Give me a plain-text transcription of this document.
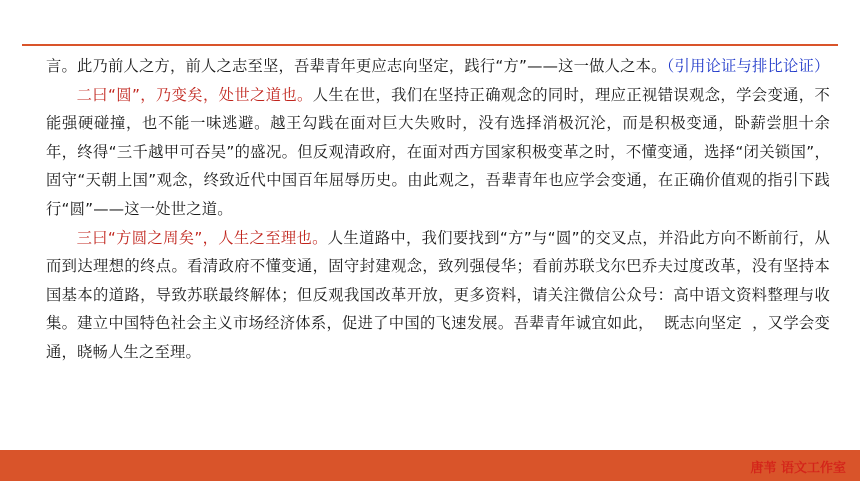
言。此乃前人之方，前人之志至坚，吾辈青年更应志向坚定，践行“方”——这一做人之本。（引用论证与排比论证）

二曰“圆”，乃变矣，处世之道也。人生在世，我们在坚持正确观念的同时，理应正视错误观念，学会变通，不能强硬碰撞，也不能一味逃避。越王勾践在面对巨大失败时，没有选择消极沉沦，而是积极变通，卧薪尝胆十余年，终得“三千越甲可吞吴”的盛况。但反观清政府，在面对西方国家积极变革之时，不懂变通，选择“闭关锁国”，固守“天朝上国”观念，终致近代中国百年屈辱历史。由此观之，吾辈青年也应学会变通，在正确价值观的指引下践行“圆”——这一处世之道。

三曰“方圆之周矣”，人生之至理也。人生道路中，我们要找到“方”与“圆”的交叉点，并沿此方向不断前行，从而到达理想的终点。看清政府不懂变通，固守封建观念，致列强侵华；看前苏联戈尔巴乔夫过度改革，没有坚持本国基本的道路，导致苏联最终解体；但反观我国改革开放，更多资料，请关注微信公众号：高中语文资料整理与收集。建立中国特色社会主义市场经济体系，促进了中国的飞速发展。吾辈青年诚宜如此，  既志向坚定  ，又学会变通，晓畅人生之至理。

唐苇 语文工作室
